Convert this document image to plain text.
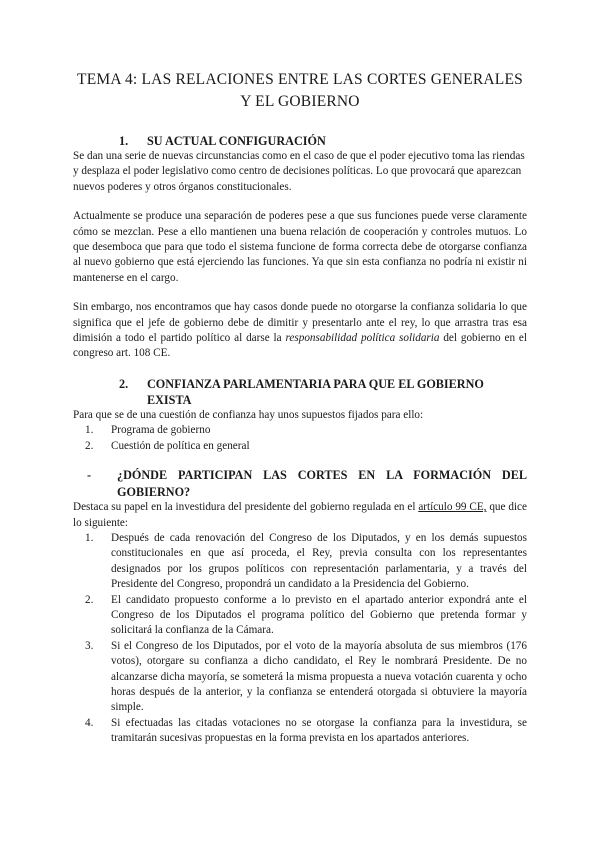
TEMA 4: LAS RELACIONES ENTRE LAS CORTES GENERALES
Y EL GOBIERNO
1.	SU ACTUAL CONFIGURACIÓN

Se dan una serie de nuevas circunstancias como en el caso de que el poder ejecutivo toma las riendas y desplaza el poder legislativo como centro de decisiones políticas. Lo que provocará que aparezcan nuevos poderes y otros órganos constitucionales.

Actualmente se produce una separación de poderes pese a que sus funciones puede verse claramente cómo se mezclan. Pese a ello mantienen una buena relación de cooperación y controles mutuos. Lo que desemboca que para que todo el sistema funcione de forma correcta debe de otorgarse confianza al nuevo gobierno que está ejerciendo las funciones. Ya que sin esta confianza no podría ni existir ni mantenerse en el cargo.

Sin embargo, nos encontramos que hay casos donde puede no otorgarse la confianza solidaria lo que significa que el jefe de gobierno debe de dimitir y presentarlo ante el rey, lo que arrastra tras esa dimisión a todo el partido político al darse la responsabilidad política solidaria del gobierno en el congreso art. 108 CE.

2.	CONFIANZA PARLAMENTARIA PARA QUE EL GOBIERNO EXISTA

Para que se de una cuestión de confianza hay unos supuestos fijados para ello:

1.	Programa de gobierno
2.	Cuestión de política en general
-	¿DÓNDE PARTICIPAN LAS CORTES EN LA FORMACIÓN DEL GOBIERNO?

Destaca su papel en la investidura del presidente del gobierno regulada en el artículo 99 CE, que dice lo siguiente:

1.	Después de cada renovación del Congreso de los Diputados, y en los demás supuestos constitucionales en que así proceda, el Rey, previa consulta con los representantes designados por los grupos políticos con representación parlamentaria, y a través del Presidente del Congreso, propondrá un candidato a la Presidencia del Gobierno.
2.	El candidato propuesto conforme a lo previsto en el apartado anterior expondrá ante el Congreso de los Diputados el programa político del Gobierno que pretenda formar y solicitará la confianza de la Cámara.
3.	Si el Congreso de los Diputados, por el voto de la mayoría absoluta de sus miembros (176 votos), otorgare su confianza a dicho candidato, el Rey le nombrará Presidente. De no alcanzarse dicha mayoría, se someterá la misma propuesta a nueva votación cuarenta y ocho horas después de la anterior, y la confianza se entenderá otorgada si obtuviere la mayoría simple.
4.	Si efectuadas las citadas votaciones no se otorgase la confianza para la investidura, se tramitarán sucesivas propuestas en la forma prevista en los apartados anteriores.
